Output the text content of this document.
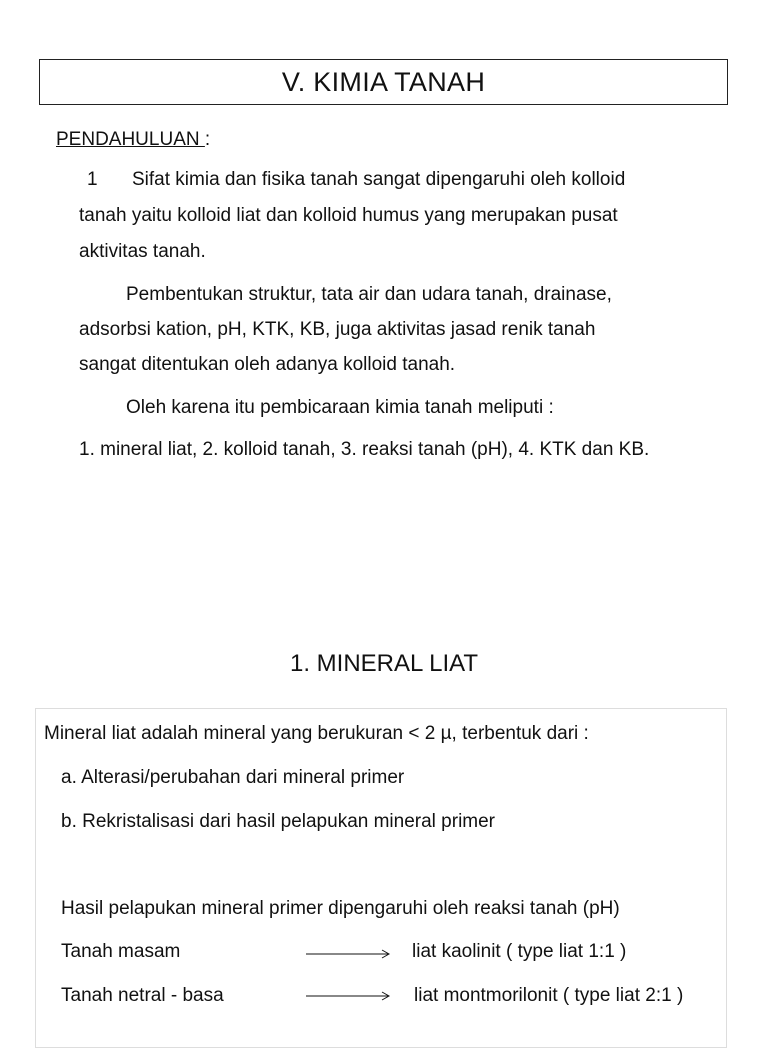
V. KIMIA TANAH
PENDAHULUAN :
1 Sifat kimia dan fisika tanah sangat dipengaruhi oleh kolloid
tanah yaitu kolloid liat dan kolloid humus yang merupakan pusat
aktivitas tanah.
Pembentukan struktur, tata air dan udara tanah, drainase,
adsorbsi kation, pH, KTK, KB, juga aktivitas jasad renik tanah
sangat ditentukan oleh adanya kolloid tanah.
Oleh karena itu pembicaraan kimia tanah meliputi :
1. mineral liat, 2. kolloid tanah, 3. reaksi tanah (pH), 4. KTK dan KB.
1. MINERAL LIAT
Mineral liat adalah mineral yang berukuran < 2 µ, terbentuk dari :
a. Alterasi/perubahan dari mineral primer
b. Rekristalisasi dari hasil pelapukan mineral primer
Hasil pelapukan mineral primer dipengaruhi oleh reaksi tanah (pH)
Tanah masam	liat kaolinit ( type liat 1:1 )
Tanah netral - basa	liat montmorilonit ( type liat 2:1 )
